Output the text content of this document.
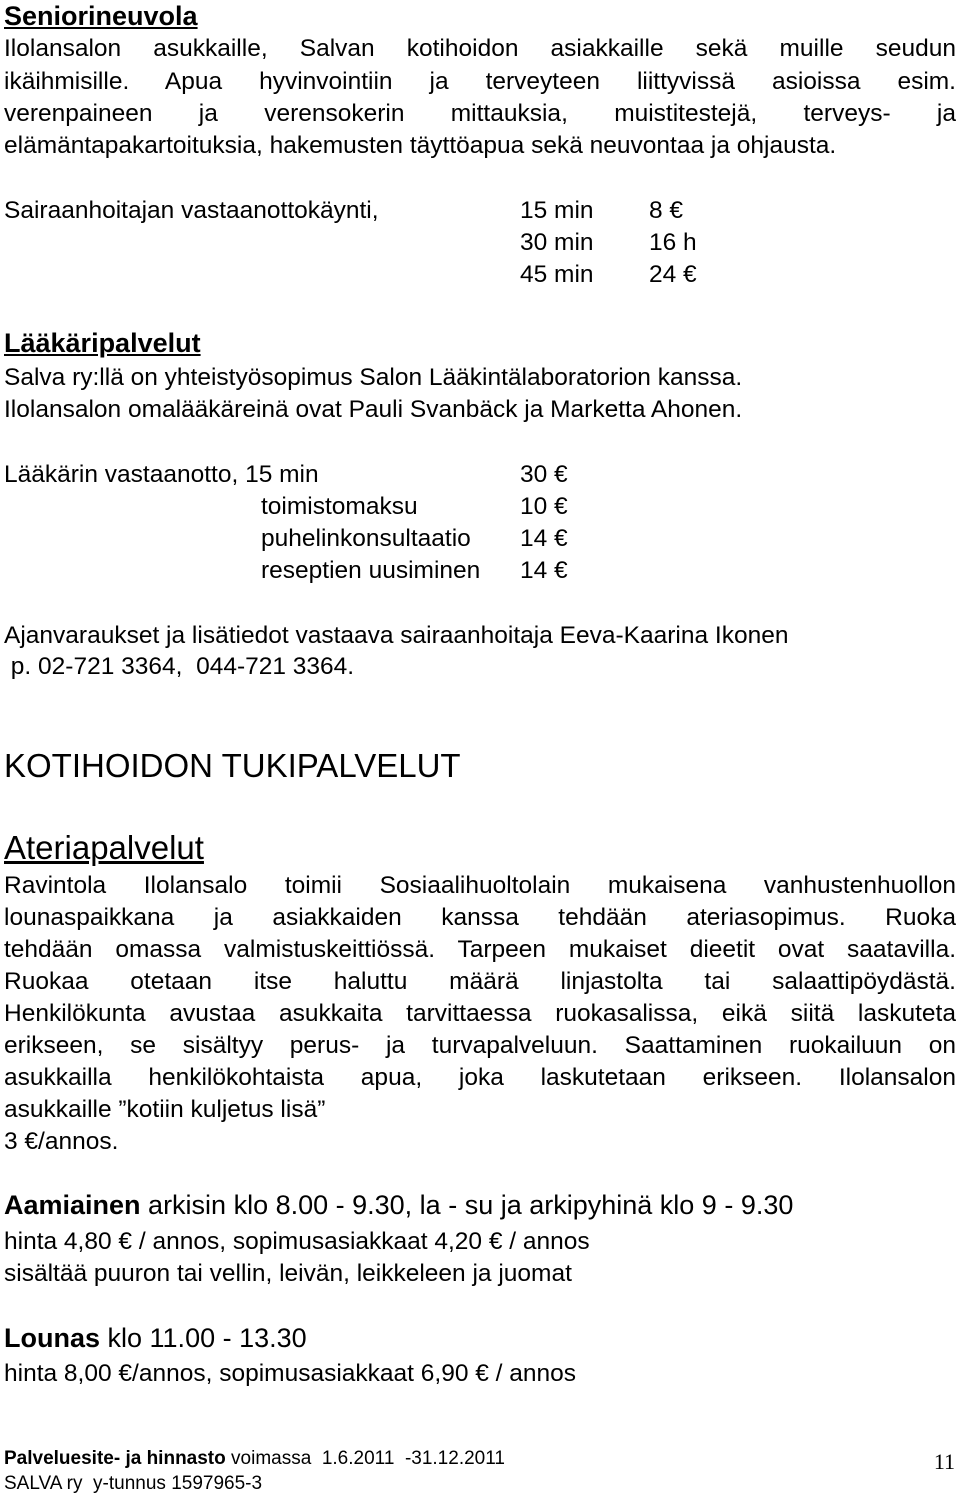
Seniorineuvola
Ilolansalon asukkaille, Salvan kotihoidon asiakkaille sekä muille seudun
ikäihmisille. Apua hyvinvointiin ja terveyteen liittyvissä asioissa esim.
verenpaineen ja verensokerin mittauksia, muistitestejä, terveys- ja
elämäntapakartoituksia, hakemusten täyttöapua sekä neuvontaa ja ohjausta.
Sairaanhoitajan vastaanottokäynti,	15 min 8 €
30 min 16 h
45 min 24 €
Lääkäripalvelut
Salva ry:llä on yhteistyösopimus Salon Lääkintälaboratorion kanssa.
Ilolansalon omalääkäreinä ovat Pauli Svanbäck ja Marketta Ahonen.
Lääkärin vastaanotto, 15 min	30 €
toimistomaksu	10 €
puhelinkonsultaatio 14 €
reseptien uusiminen 14 €
Ajanvaraukset ja lisätiedot vastaava sairaanhoitaja Eeva-Kaarina Ikonen
p. 02-721 3364,  044-721 3364.
KOTIHOIDON TUKIPALVELUT
Ateriapalvelut
Ravintola Ilolansalo toimii Sosiaalihuoltolain mukaisena vanhustenhuollon
lounaspaikkana ja asiakkaiden kanssa tehdään ateriasopimus. Ruoka
tehdään omassa valmistuskeittiössä. Tarpeen mukaiset dieetit ovat saatavilla.
Ruokaa otetaan itse haluttu määrä linjastolta tai salaattipöydästä.
Henkilökunta avustaa asukkaita tarvittaessa ruokasalissa, eikä siitä laskuteta
erikseen, se sisältyy perus- ja turvapalveluun. Saattaminen ruokailuun on
asukkailla henkilökohtaista apua, joka laskutetaan erikseen. Ilolansalon
asukkaille ”kotiin kuljetus lisä”
3 €/annos.
Aamiainen arkisin klo 8.00 - 9.30, la - su ja arkipyhinä klo 9 - 9.30
hinta 4,80 € / annos, sopimusasiakkaat 4,20 € / annos
sisältää puuron tai vellin, leivän, leikkeleen ja juomat
Lounas klo 11.00 - 13.30
hinta 8,00 €/annos, sopimusasiakkaat 6,90 € / annos
Palveluesite- ja hinnasto voimassa  1.6.2011  -31.12.2011
SALVA ry  y-tunnus 1597965-3
11
